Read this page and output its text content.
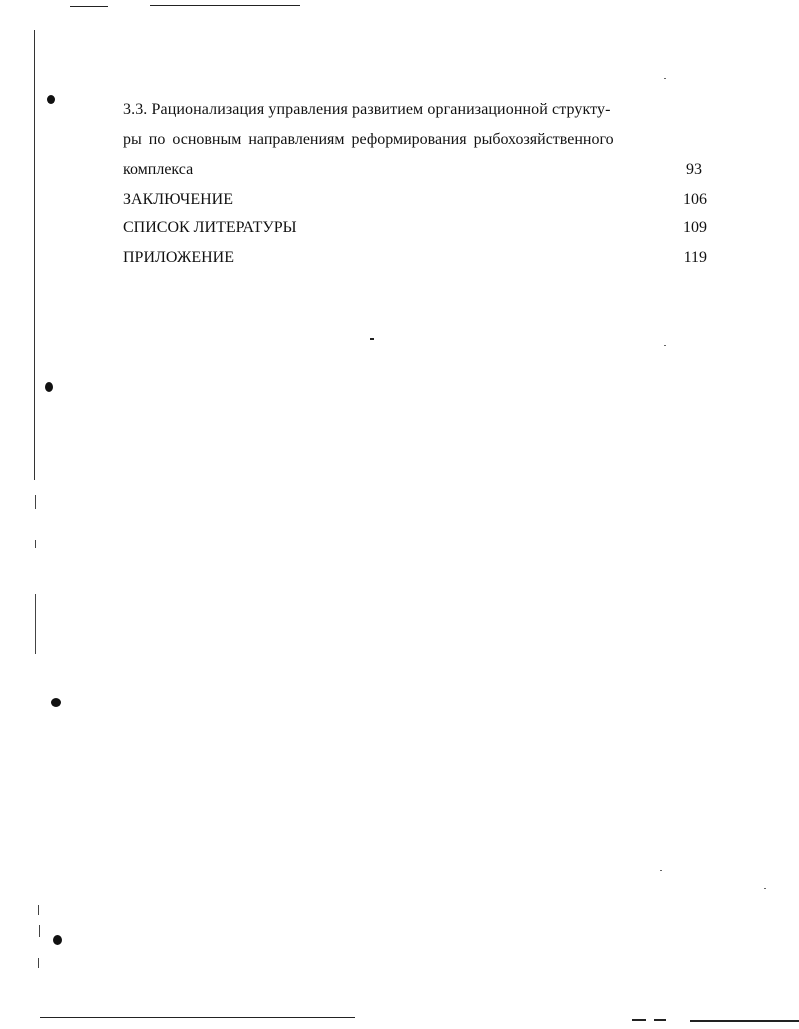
3.3. Рационализация управления развитием организационной структу-
ры по основным направлениям реформирования рыбохозяйственного
комплекса	93
ЗАКЛЮЧЕНИЕ	106
СПИСОК ЛИТЕРАТУРЫ	109
ПРИЛОЖЕНИЕ	119
